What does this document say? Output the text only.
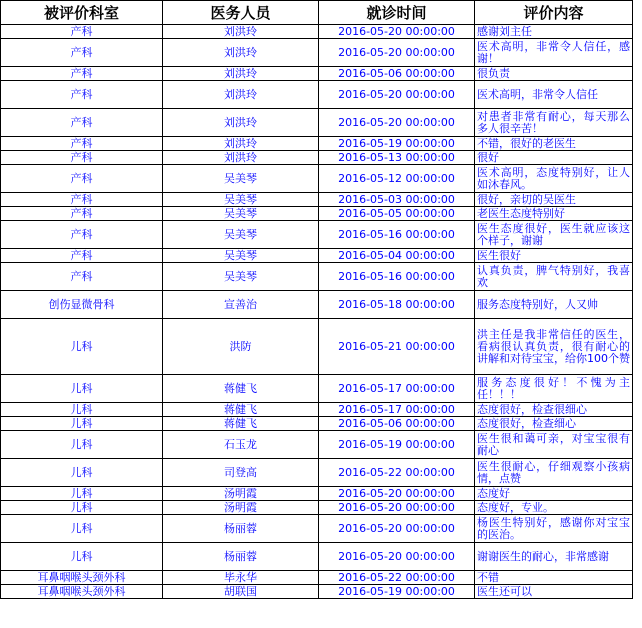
被评价科室	医务人员	就诊时间	评价内容
产科	刘洪玲	2016-05-20 00:00:00	感谢刘主任
产科	刘洪玲	2016-05-20 00:00:00	医术高明，非常令人信任，感谢！
产科	刘洪玲	2016-05-06 00:00:00	很负责
产科	刘洪玲	2016-05-20 00:00:00	医术高明，非常令人信任
产科	刘洪玲	2016-05-20 00:00:00	对患者非常有耐心，每天那么多人很辛苦！
产科	刘洪玲	2016-05-19 00:00:00	不错，很好的老医生
产科	刘洪玲	2016-05-13 00:00:00	很好
产科	吴美琴	2016-05-12 00:00:00	医术高明，态度特别好，让人如沐春风。
产科	吴美琴	2016-05-03 00:00:00	很好，亲切的吴医生
产科	吴美琴	2016-05-05 00:00:00	老医生态度特别好
产科	吴美琴	2016-05-16 00:00:00	医生态度很好，医生就应该这个样子，谢谢
产科	吴美琴	2016-05-04 00:00:00	医生很好
产科	吴美琴	2016-05-16 00:00:00	认真负责，脾气特别好，我喜欢
创伤显微骨科	宣善治	2016-05-18 00:00:00	服务态度特别好，人又帅
儿科	洪防	2016-05-21 00:00:00	洪主任是我非常信任的医生，看病很认真负责，很有耐心的讲解和对待宝宝，给你100个赞
儿科	蒋健飞	2016-05-17 00:00:00	服务态度很好！不愧为主任！！！
儿科	蒋健飞	2016-05-17 00:00:00	态度很好，检查很细心
儿科	蒋健飞	2016-05-06 00:00:00	态度很好，检查细心
儿科	石玉龙	2016-05-19 00:00:00	医生很和蔼可亲，对宝宝很有耐心
儿科	司登高	2016-05-22 00:00:00	医生很耐心，仔细观察小孩病情，点赞
儿科	汤明霞	2016-05-20 00:00:00	态度好
儿科	汤明霞	2016-05-20 00:00:00	态度好，专业。
儿科	杨丽蓉	2016-05-20 00:00:00	杨医生特别好，感谢你对宝宝的医治。
儿科	杨丽蓉	2016-05-20 00:00:00	谢谢医生的耐心，非常感谢
耳鼻咽喉头颈外科	毕永华	2016-05-22 00:00:00	不错
耳鼻咽喉头颈外科	胡联国	2016-05-19 00:00:00	医生还可以
